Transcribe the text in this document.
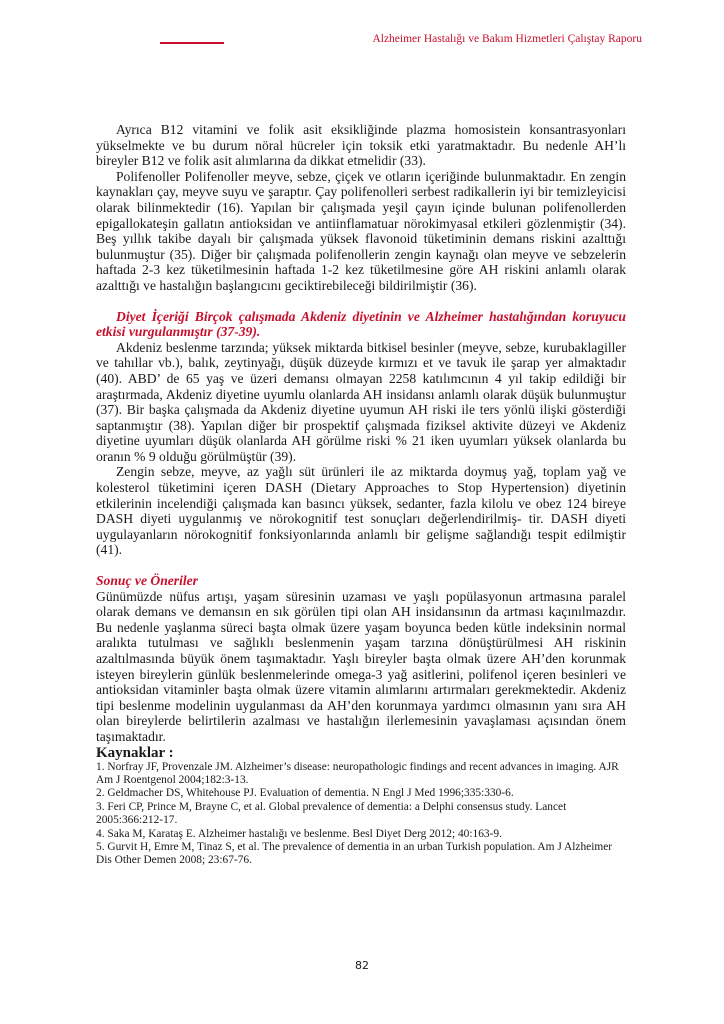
Alzheimer Hastalığı ve Bakım Hizmetleri Çalıştay Raporu

Ayrıca B12 vitamini ve folik asit eksikliğinde plazma homosistein konsantrasyonları yükselmekte ve bu durum nöral hücreler için toksik etki yaratmaktadır. Bu nedenle AH’lı bireyler B12 ve folik asit alımlarına da dikkat etmelidir (33).

Polifenoller Polifenoller meyve, sebze, çiçek ve otların içeriğinde bulunmaktadır. En zengin kaynakları çay, meyve suyu ve şaraptır. Çay polifenolleri serbest radikallerin iyi bir temizleyicisi olarak bilinmektedir (16). Yapılan bir çalışmada yeşil çayın içinde bulunan polifenollerden epigallokateşin gallatın antioksidan ve antiinflamatuar nörokimyasal etkileri gözlenmiştir (34). Beş yıllık takibe dayalı bir çalışmada yüksek flavonoid tüketiminin demans riskini azalttığı bulunmuştur (35). Diğer bir çalışmada polifenollerin zengin kaynağı olan meyve ve sebzelerin haftada 2-3 kez tüketilmesinin haftada 1-2 kez tüketilmesine göre AH riskini anlamlı olarak azalttığı ve hastalığın başlangıcını geciktirebileceği bildirilmiştir (36).

Diyet İçeriği Birçok çalışmada Akdeniz diyetinin ve Alzheimer hastalığından koruyucu etkisi vurgulanmıştır (37-39).

Akdeniz beslenme tarzında; yüksek miktarda bitkisel besinler (meyve, sebze, kurubaklagiller ve tahıllar vb.), balık, zeytinyağı, düşük düzeyde kırmızı et ve tavuk ile şarap yer almaktadır (40). ABD’ de 65 yaş ve üzeri demansı olmayan 2258 katılımcının 4 yıl takip edildiği bir araştırmada, Akdeniz diyetine uyumlu olanlarda AH insidansı anlamlı olarak düşük bulunmuştur (37). Bir başka çalışmada da Akdeniz diyetine uyumun AH riski ile ters yönlü ilişki gösterdiği saptanmıştır (38). Yapılan diğer bir prospektif çalışmada fiziksel aktivite düzeyi ve Akdeniz diyetine uyumları düşük olanlarda AH görülme riski % 21 iken uyumları yüksek olanlarda bu oranın % 9 olduğu görülmüştür (39).

Zengin sebze, meyve, az yağlı süt ürünleri ile az miktarda doymuş yağ, toplam yağ ve kolesterol tüketimini içeren DASH (Dietary Approaches to Stop Hypertension) diyetinin etkilerinin incelendiği çalışmada kan basıncı yüksek, sedanter, fazla kilolu ve obez 124 bireye DASH diyeti uygulanmış ve nörokognitif test sonuçları değerlendirilmiş- tir. DASH diyeti uygulayanların nörokognitif fonksiyonlarında anlamlı bir gelişme sağlandığı tespit edilmiştir (41).

Sonuç ve Öneriler

Günümüzde nüfus artışı, yaşam süresinin uzaması ve yaşlı popülasyonun artmasına paralel olarak demans ve demansın en sık görülen tipi olan AH insidansının da artması kaçınılmazdır. Bu nedenle yaşlanma süreci başta olmak üzere yaşam boyunca beden kütle indeksinin normal aralıkta tutulması ve sağlıklı beslenmenin yaşam tarzına dönüştürülmesi AH riskinin azaltılmasında büyük önem taşımaktadır. Yaşlı bireyler başta olmak üzere AH’den korunmak isteyen bireylerin günlük beslenmelerinde omega-3 yağ asitlerini, polifenol içeren besinleri ve antioksidan vitaminler başta olmak üzere vitamin alımlarını artırmaları gerekmektedir. Akdeniz tipi beslenme modelinin uygulanması da AH’den korunmaya yardımcı olmasının yanı sıra AH olan bireylerde belirtilerin azalması ve hastalığın ilerlemesinin yavaşlaması açısından önem taşımaktadır.

Kaynaklar :

1. Norfray JF, Provenzale JM. Alzheimer’s disease: neuropathologic findings and recent advances in imaging. AJR Am J Roentgenol 2004;182:3-13.

2. Geldmacher DS, Whitehouse PJ. Evaluation of dementia. N Engl J Med 1996;335:330-6.

3. Feri CP, Prince M, Brayne C, et al. Global prevalence of dementia: a Delphi consensus study. Lancet 2005:366:212-17.

4. Saka M, Karataş E. Alzheimer hastalığı ve beslenme. Besl Diyet Derg 2012; 40:163-9.

5. Gurvit H, Emre M, Tinaz S, et al. The prevalence of dementia in an urban Turkish population. Am J Alzheimer Dis Other Demen 2008; 23:67-76.

82
